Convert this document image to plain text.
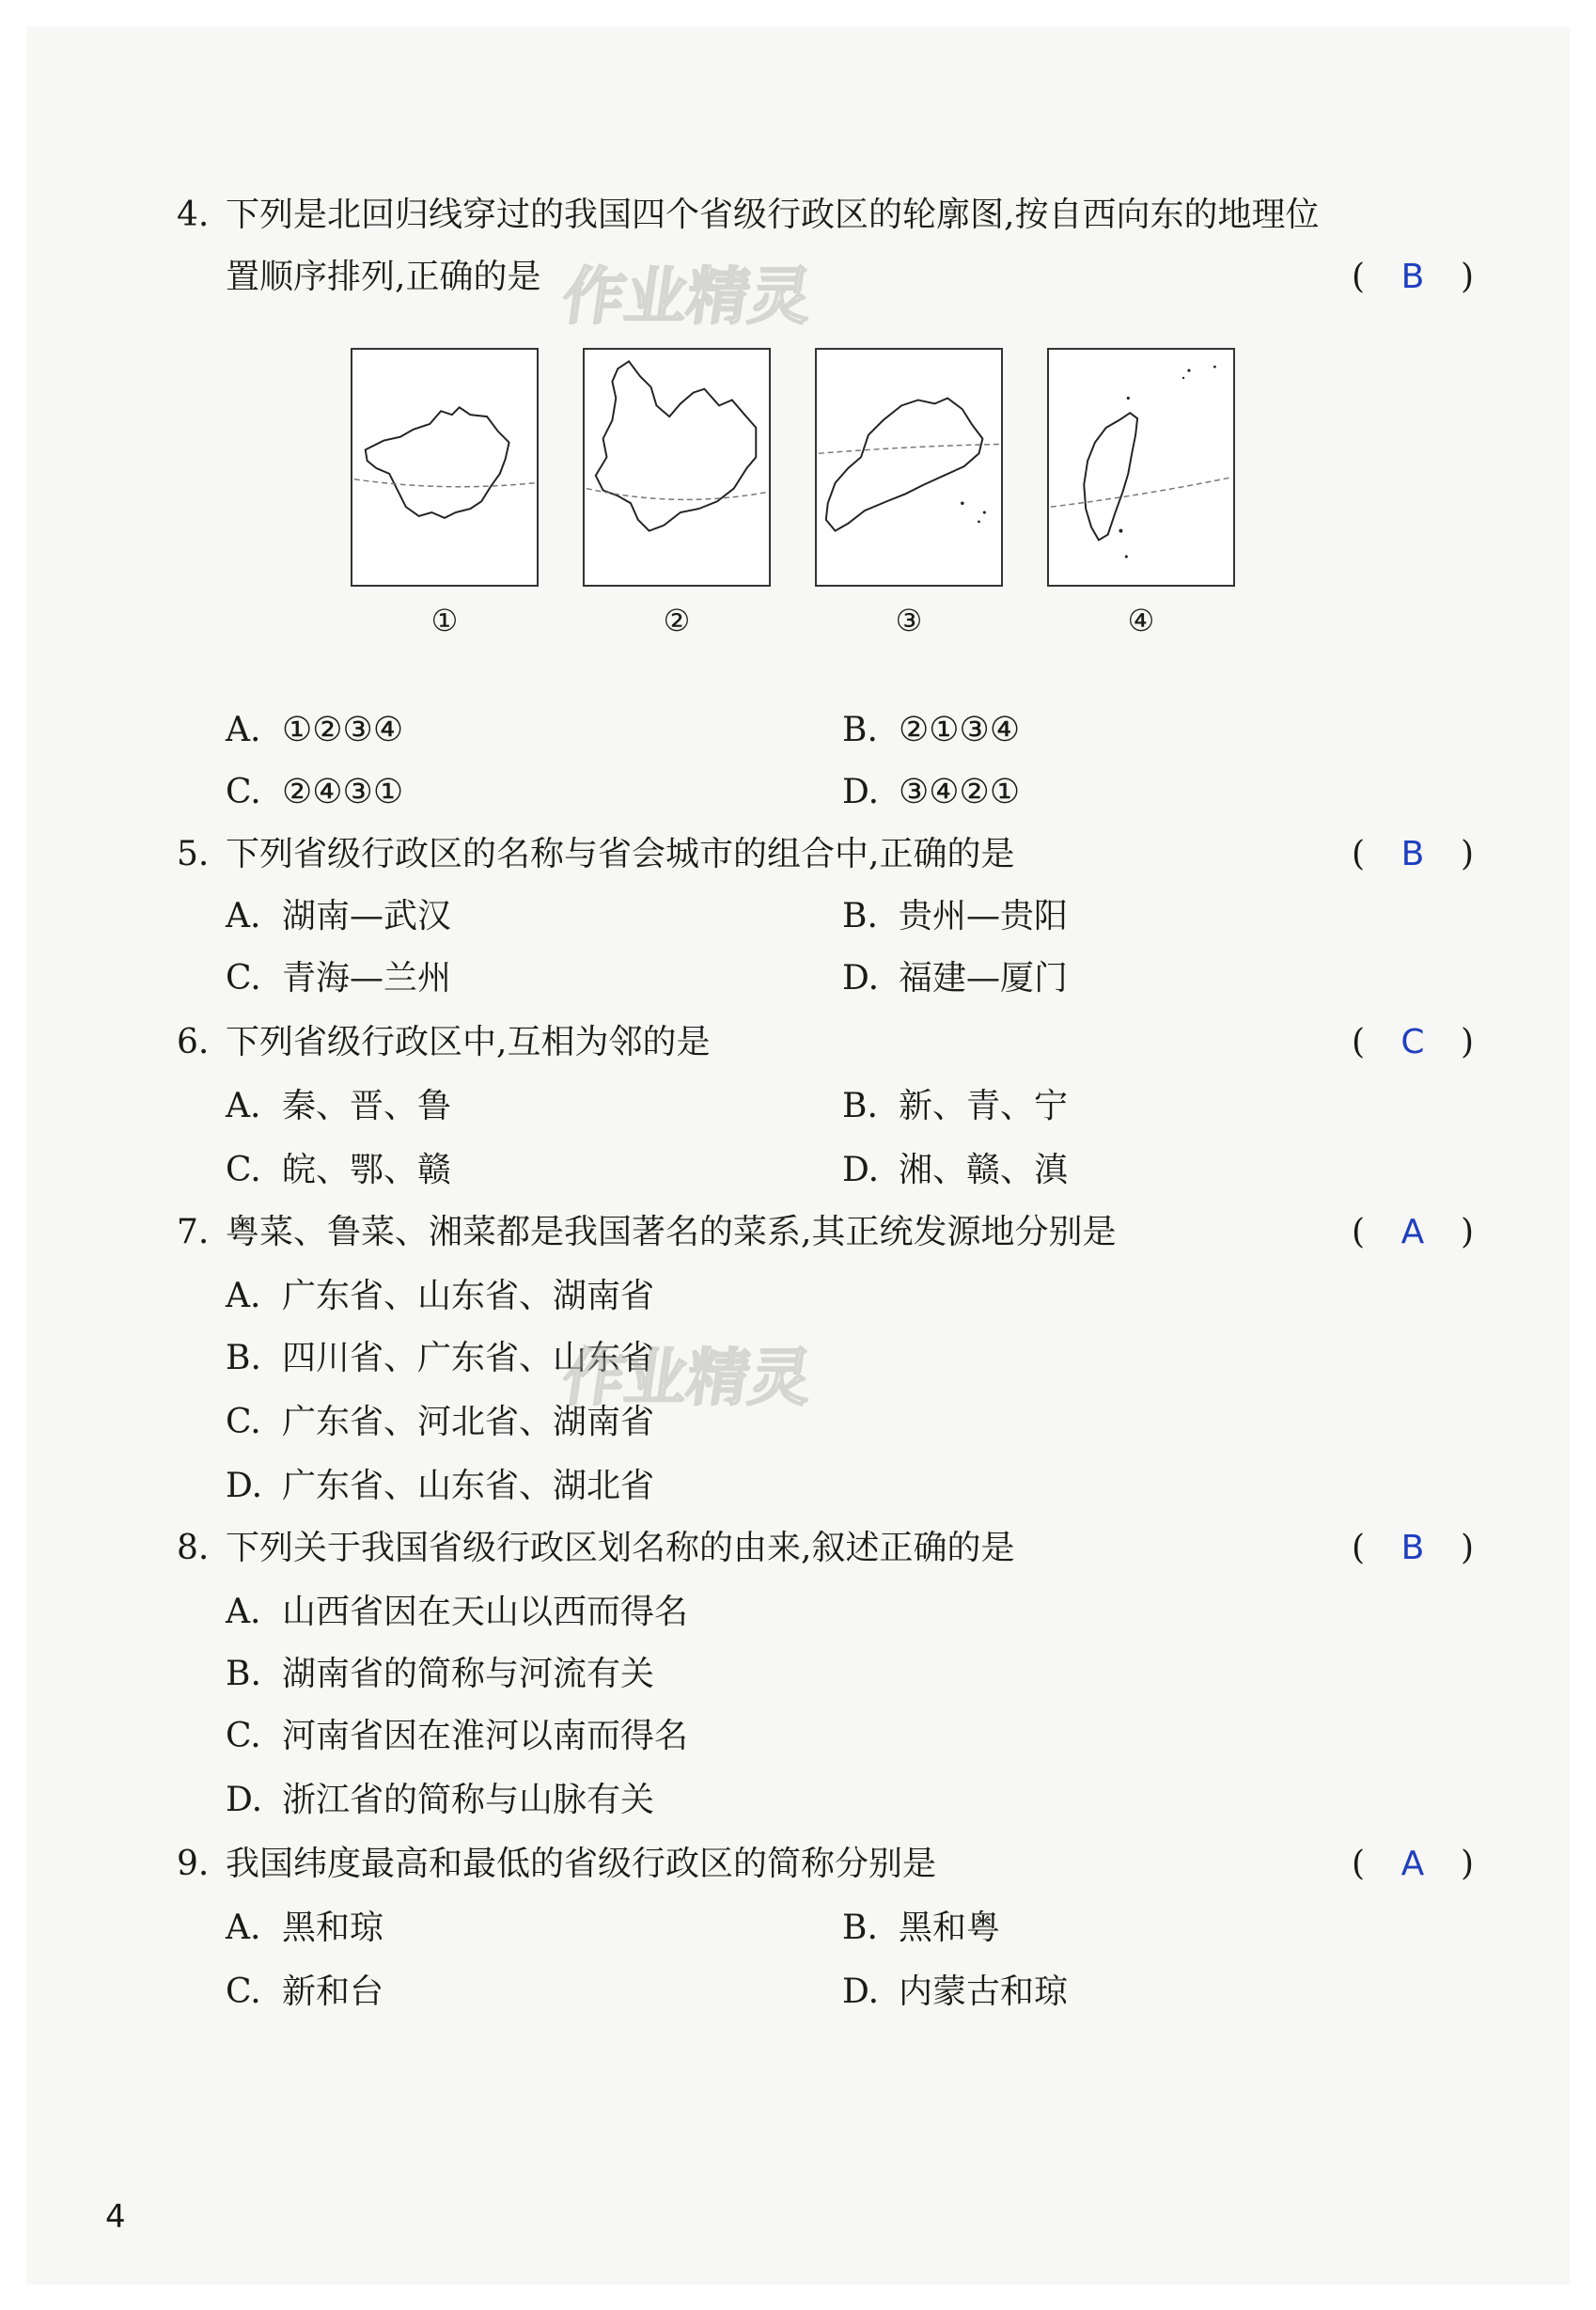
4. 下列是北回归线穿过的我国四个省级行政区的轮廓图,按自西向东的地理位
置顺序排列,正确的是	( B )
作业精灵
①	②	③	④
A. ①②③④	B. ②①③④
C. ②④③①	D. ③④②①
5. 下列省级行政区的名称与省会城市的组合中,正确的是	( B )
A. 湖南—武汉	B. 贵州—贵阳
C. 青海—兰州	D. 福建—厦门
6. 下列省级行政区中,互相为邻的是	( C )
A. 秦、晋、鲁	B. 新、青、宁
C. 皖、鄂、赣	D. 湘、赣、滇
7. 粤菜、鲁菜、湘菜都是我国著名的菜系,其正统发源地分别是	( A )
A. 广东省、山东省、湖南省
B. 四川省、广东省、山东省
C. 广东省、河北省、湖南省
D. 广东省、山东省、湖北省
作业精灵
8. 下列关于我国省级行政区划名称的由来,叙述正确的是	( B )
A. 山西省因在天山以西而得名
B. 湖南省的简称与河流有关
C. 河南省因在淮河以南而得名
D. 浙江省的简称与山脉有关
9. 我国纬度最高和最低的省级行政区的简称分别是	( A )
A. 黑和琼	B. 黑和粤
C. 新和台	D. 内蒙古和琼
4
